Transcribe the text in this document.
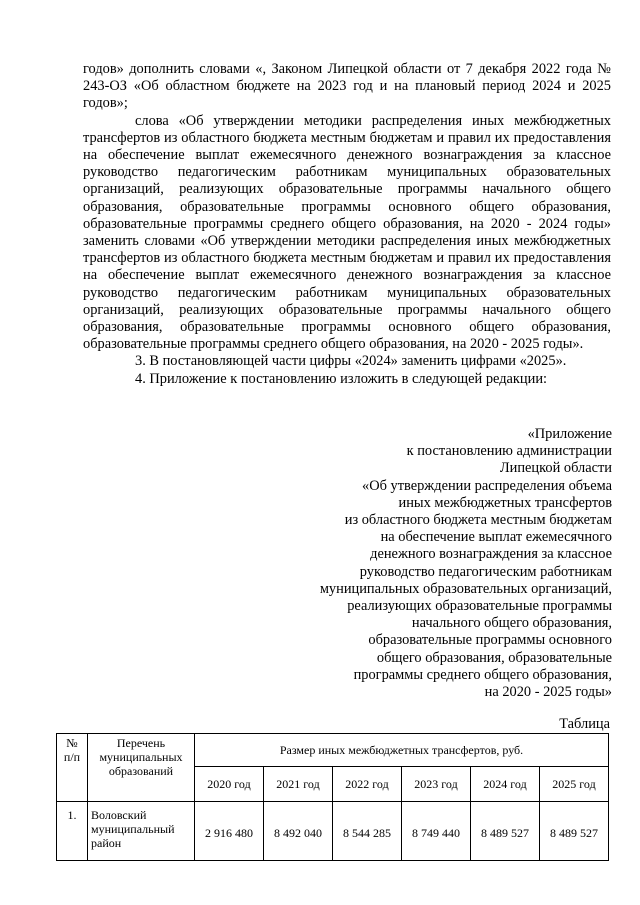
годов» дополнить словами «, Законом Липецкой области от 7 декабря 2022 года № 243-ОЗ «Об областном бюджете на 2023 год и на плановый период 2024 и 2025 годов»;

слова «Об утверждении методики распределения иных межбюджетных трансфертов из областного бюджета местным бюджетам и правил их предоставления на обеспечение выплат ежемесячного денежного вознаграждения за классное руководство педагогическим работникам муниципальных образовательных организаций, реализующих образовательные программы начального общего образования, образовательные программы основного общего образования, образовательные программы среднего общего образования, на 2020 - 2024 годы» заменить словами «Об утверждении методики распределения иных межбюджетных трансфертов из областного бюджета местным бюджетам и правил их предоставления на обеспечение выплат ежемесячного денежного вознаграждения за классное руководство педагогическим работникам муниципальных образовательных организаций, реализующих образовательные программы начального общего образования, образовательные программы основного общего образования, образовательные программы среднего общего образования, на 2020 - 2025 годы».

3. В постановляющей части цифры «2024» заменить цифрами «2025».

4. Приложение к постановлению изложить в следующей редакции:

«Приложение
к постановлению администрации
Липецкой области
«Об утверждении распределения объема
иных межбюджетных трансфертов
из областного бюджета местным бюджетам
на обеспечение выплат ежемесячного
денежного вознаграждения за классное
руководство педагогическим работникам
муниципальных образовательных организаций,
реализующих образовательные программы
начального общего образования,
образовательные программы основного
общего образования, образовательные
программы среднего общего образования,
на 2020 - 2025 годы»
Таблица
№ п/п	Перечень муниципальных образований	Размер иных межбюджетных трансфертов, руб.					
		2020 год	2021 год	2022 год	2023 год	2024 год	2025 год
1.	Воловский муниципальный район	2 916 480	8 492 040	8 544 285	8 749 440	8 489 527	8 489 527
